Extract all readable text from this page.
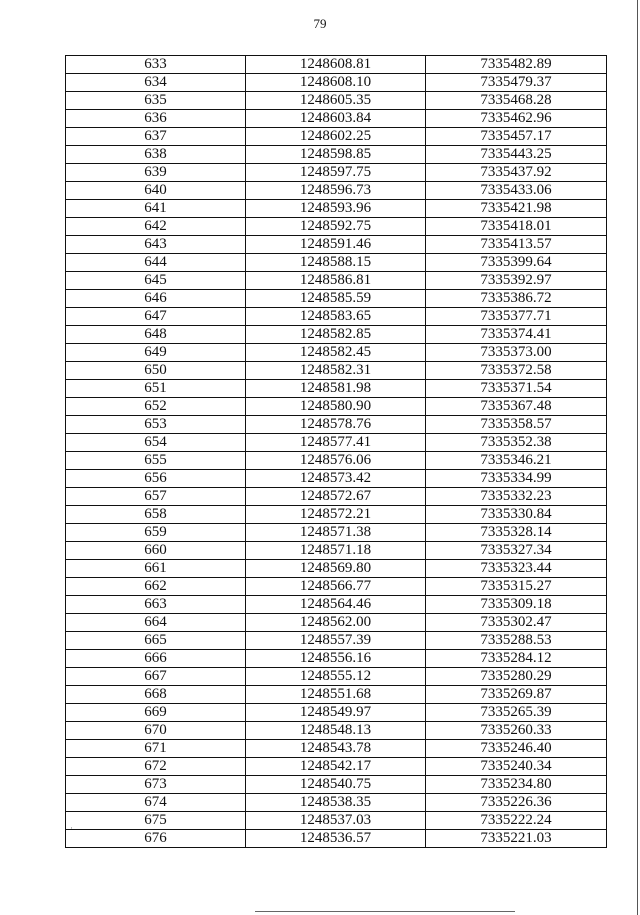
79
633	1248608.81	7335482.89
634	1248608.10	7335479.37
635	1248605.35	7335468.28
636	1248603.84	7335462.96
637	1248602.25	7335457.17
638	1248598.85	7335443.25
639	1248597.75	7335437.92
640	1248596.73	7335433.06
641	1248593.96	7335421.98
642	1248592.75	7335418.01
643	1248591.46	7335413.57
644	1248588.15	7335399.64
645	1248586.81	7335392.97
646	1248585.59	7335386.72
647	1248583.65	7335377.71
648	1248582.85	7335374.41
649	1248582.45	7335373.00
650	1248582.31	7335372.58
651	1248581.98	7335371.54
652	1248580.90	7335367.48
653	1248578.76	7335358.57
654	1248577.41	7335352.38
655	1248576.06	7335346.21
656	1248573.42	7335334.99
657	1248572.67	7335332.23
658	1248572.21	7335330.84
659	1248571.38	7335328.14
660	1248571.18	7335327.34
661	1248569.80	7335323.44
662	1248566.77	7335315.27
663	1248564.46	7335309.18
664	1248562.00	7335302.47
665	1248557.39	7335288.53
666	1248556.16	7335284.12
667	1248555.12	7335280.29
668	1248551.68	7335269.87
669	1248549.97	7335265.39
670	1248548.13	7335260.33
671	1248543.78	7335246.40
672	1248542.17	7335240.34
673	1248540.75	7335234.80
674	1248538.35	7335226.36
675	1248537.03	7335222.24
676	1248536.57	7335221.03
·
